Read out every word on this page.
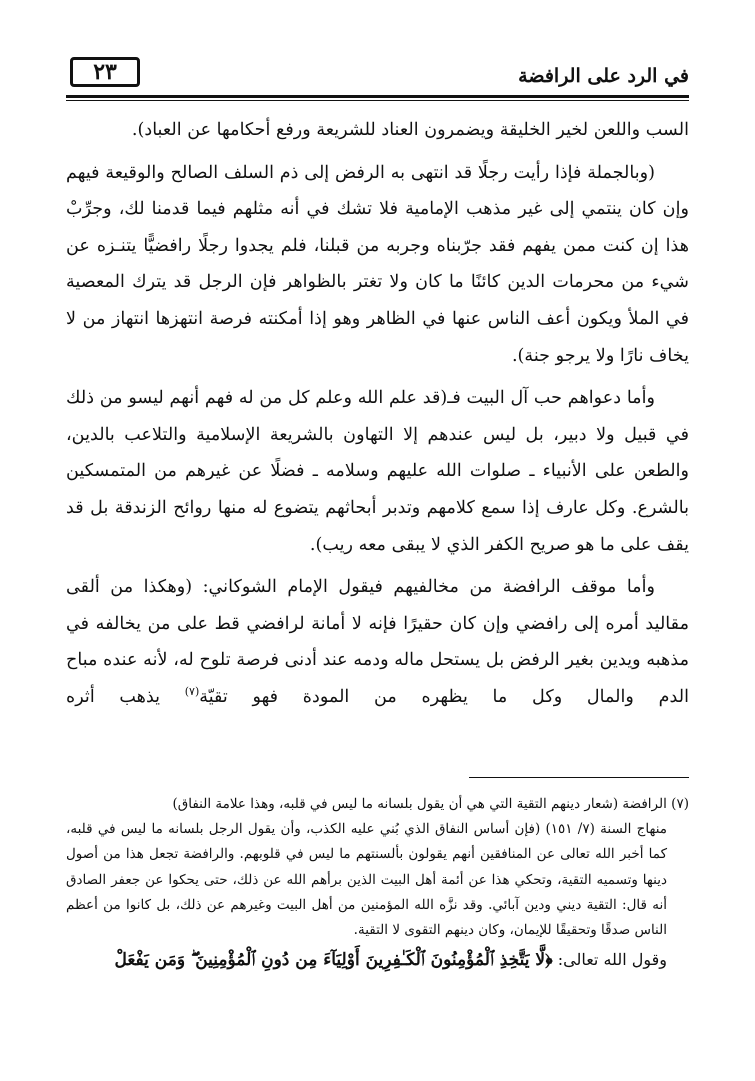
في الرد على الرافضة
٢٣

السب واللعن لخير الخليقة ويضمرون العناد للشريعة ورفع أحكامها عن العباد).

(وبالجملة فإذا رأيت رجلًا قد انتهى به الرفض إلى ذم السلف الصالح والوقيعة فيهم وإن كان ينتمي إلى غير مذهب الإمامية فلا تشك في أنه مثلهم فيما قدمنا لك، وجرِّبْ هذا إن كنت ممن يفهم فقد جرّبناه وجربه من قبلنا، فلم يجدوا رجلًا رافضيًّا يتنـزه عن شيء من محرمات الدين كائنًا ما كان ولا تغتر بالظواهر فإن الرجل قد يترك المعصية في الملأ ويكون أعف الناس عنها في الظاهر وهو إذا أمكنته فرصة انتهزها انتهاز من لا يخاف نارًا ولا يرجو جنة).

وأما دعواهم حب آل البيت فـ(قد علم الله وعلم كل من له فهم أنهم ليسو من ذلك في قبيل ولا دبير، بل ليس عندهم إلا التهاون بالشريعة الإسلامية والتلاعب بالدين، والطعن على الأنبياء ـ صلوات الله عليهم وسلامه ـ فضلًا عن غيرهم من المتمسكين بالشرع. وكل عارف إذا سمع كلامهم وتدبر أبحاثهم يتضوع له منها روائح الزندقة بل قد يقف على ما هو صريح الكفر الذي لا يبقى معه ريب).

وأما موقف الرافضة من مخالفيهم فيقول الإمام الشوكاني: (وهكذا من ألقى مقاليد أمره إلى رافضي وإن كان حقيرًا فإنه لا أمانة لرافضي قط على من يخالفه في مذهبه ويدين بغير الرفض بل يستحل ماله ودمه عند أدنى فرصة تلوح له، لأنه عنده مباح الدم والمال وكل ما يظهره من المودة فهو تقيّة$^{(٧)}$ يذهب أثره

(٧) الرافضة (شعار دينهم التقية التي هي أن يقول بلسانه ما ليس في قلبه، وهذا علامة النفاق)
منهاج السنة (٧/ ١٥١) (فإن أساس النفاق الذي بُني عليه الكذب، وأن يقول الرجل بلسانه ما ليس في قلبه، كما أخبر الله تعالى عن المنافقين أنهم يقولون بألسنتهم ما ليس في قلوبهم. والرافضة تجعل هذا من أصول دينها وتسميه التقية، وتحكي هذا عن أئمة أهل البيت الذين برأهم الله عن ذلك، حتى يحكوا عن جعفر الصادق أنه قال: التقية ديني ودين آبائي. وقد نزَّه الله المؤمنين من أهل البيت وغيرهم عن ذلك، بل كانوا من أعظم الناس صدقًا وتحقيقًا للإيمان، وكان دينهم التقوى لا التقية.

وقول الله تعالى: ﴿لَّا يَتَّخِذِ ٱلْمُؤْمِنُونَ ٱلْكَـٰفِرِينَ أَوْلِيَآءَ مِن دُونِ ٱلْمُؤْمِنِينَ ۖ وَمَن يَفْعَلْ
